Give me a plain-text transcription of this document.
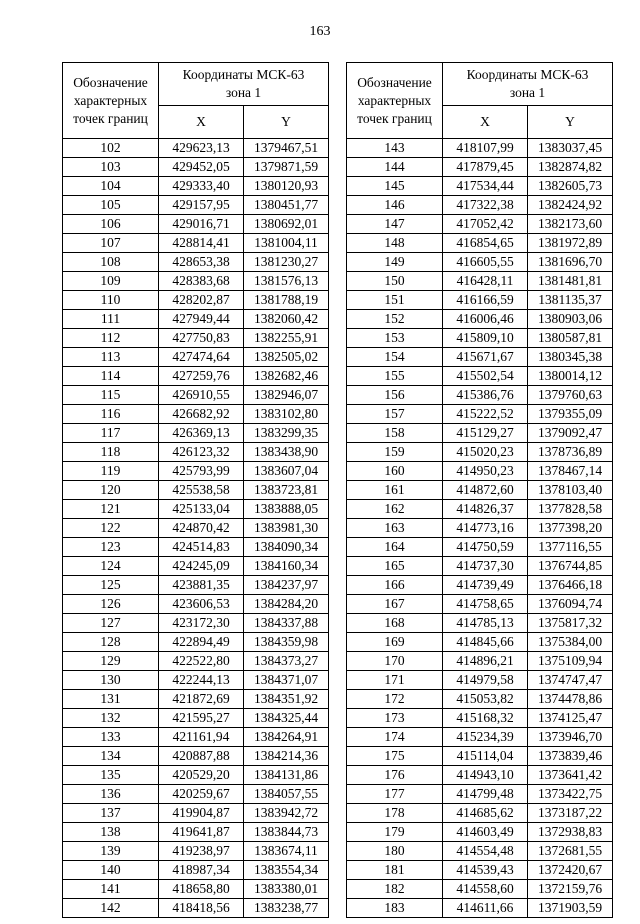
163
Обозначение
характерных
точек границ	Координаты МСК-63
зона 1	
	X	Y
102	429623,13	1379467,51
103	429452,05	1379871,59
104	429333,40	1380120,93
105	429157,95	1380451,77
106	429016,71	1380692,01
107	428814,41	1381004,11
108	428653,38	1381230,27
109	428383,68	1381576,13
110	428202,87	1381788,19
111	427949,44	1382060,42
112	427750,83	1382255,91
113	427474,64	1382505,02
114	427259,76	1382682,46
115	426910,55	1382946,07
116	426682,92	1383102,80
117	426369,13	1383299,35
118	426123,32	1383438,90
119	425793,99	1383607,04
120	425538,58	1383723,81
121	425133,04	1383888,05
122	424870,42	1383981,30
123	424514,83	1384090,34
124	424245,09	1384160,34
125	423881,35	1384237,97
126	423606,53	1384284,20
127	423172,30	1384337,88
128	422894,49	1384359,98
129	422522,80	1384373,27
130	422244,13	1384371,07
131	421872,69	1384351,92
132	421595,27	1384325,44
133	421161,94	1384264,91
134	420887,88	1384214,36
135	420529,20	1384131,86
136	420259,67	1384057,55
137	419904,87	1383942,72
138	419641,87	1383844,73
139	419238,97	1383674,11
140	418987,34	1383554,34
141	418658,80	1383380,01
142	418418,56	1383238,77
Обозначение
характерных
точек границ	Координаты МСК-63
зона 1	
	X	Y
143	418107,99	1383037,45
144	417879,45	1382874,82
145	417534,44	1382605,73
146	417322,38	1382424,92
147	417052,42	1382173,60
148	416854,65	1381972,89
149	416605,55	1381696,70
150	416428,11	1381481,81
151	416166,59	1381135,37
152	416006,46	1380903,06
153	415809,10	1380587,81
154	415671,67	1380345,38
155	415502,54	1380014,12
156	415386,76	1379760,63
157	415222,52	1379355,09
158	415129,27	1379092,47
159	415020,23	1378736,89
160	414950,23	1378467,14
161	414872,60	1378103,40
162	414826,37	1377828,58
163	414773,16	1377398,20
164	414750,59	1377116,55
165	414737,30	1376744,85
166	414739,49	1376466,18
167	414758,65	1376094,74
168	414785,13	1375817,32
169	414845,66	1375384,00
170	414896,21	1375109,94
171	414979,58	1374747,47
172	415053,82	1374478,86
173	415168,32	1374125,47
174	415234,39	1373946,70
175	415114,04	1373839,46
176	414943,10	1373641,42
177	414799,48	1373422,75
178	414685,62	1373187,22
179	414603,49	1372938,83
180	414554,48	1372681,55
181	414539,43	1372420,67
182	414558,60	1372159,76
183	414611,66	1371903,59
